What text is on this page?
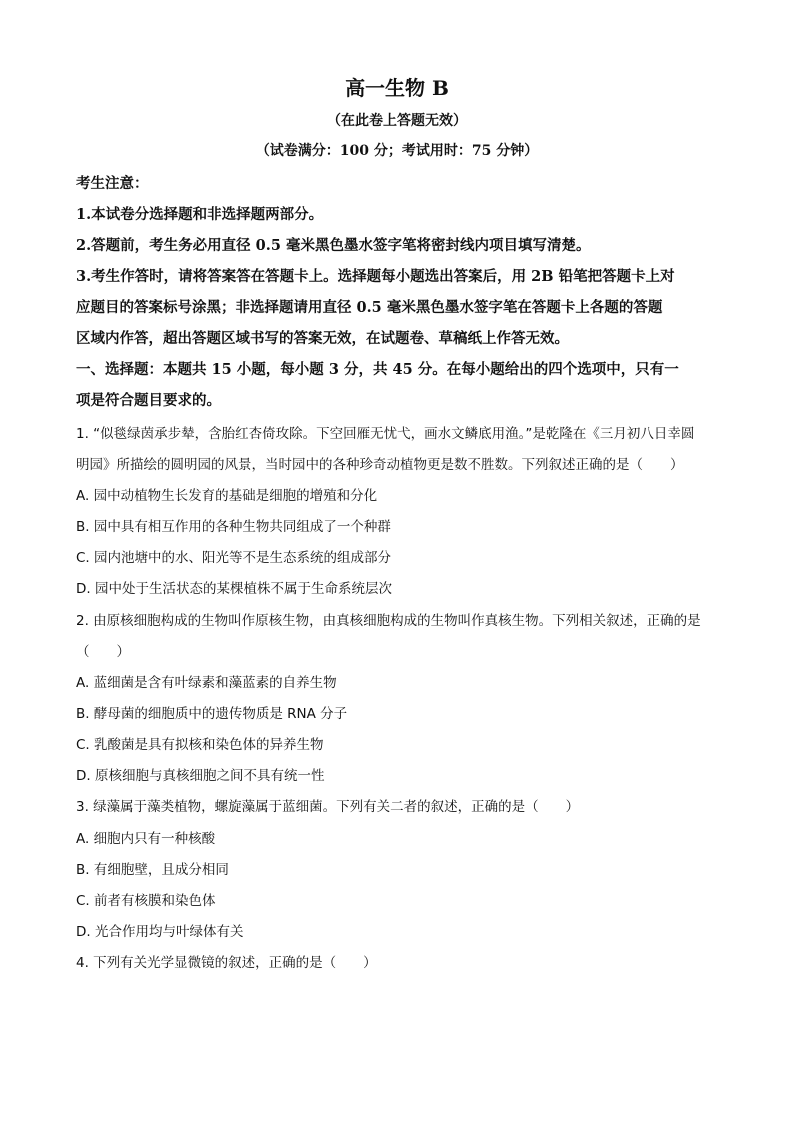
高一生物 B
（在此卷上答题无效）
（试卷满分：100 分；考试用时：75 分钟）
考生注意：
1.本试卷分选择题和非选择题两部分。
2.答题前，考生务必用直径 0.5 毫米黑色墨水签字笔将密封线内项目填写清楚。
3.考生作答时，请将答案答在答题卡上。选择题每小题选出答案后，用 2B 铅笔把答题卡上对
应题目的答案标号涂黑；非选择题请用直径 0.5 毫米黑色墨水签字笔在答题卡上各题的答题
区域内作答，超出答题区域书写的答案无效，在试题卷、草稿纸上作答无效。
一、选择题：本题共 15 小题，每小题 3 分，共 45 分。在每小题给出的四个选项中，只有一
项是符合题目要求的。
1. “似毯绿茵承步辇，含胎红杏倚玫除。下空回雁无忧弋，画水文鳞底用渔。”是乾隆在《三月初八日幸圆
明园》所描绘的圆明园的风景，当时园中的各种珍奇动植物更是数不胜数。下列叙述正确的是（　　）
A. 园中动植物生长发育的基础是细胞的增殖和分化
B. 园中具有相互作用的各种生物共同组成了一个种群
C. 园内池塘中的水、阳光等不是生态系统的组成部分
D. 园中处于生活状态的某棵植株不属于生命系统层次
2. 由原核细胞构成的生物叫作原核生物，由真核细胞构成的生物叫作真核生物。下列相关叙述，正确的是
（　　）
A. 蓝细菌是含有叶绿素和藻蓝素的自养生物
B. 酵母菌的细胞质中的遗传物质是 RNA 分子
C. 乳酸菌是具有拟核和染色体的异养生物
D. 原核细胞与真核细胞之间不具有统一性
3. 绿藻属于藻类植物，螺旋藻属于蓝细菌。下列有关二者的叙述，正确的是（　　）
A. 细胞内只有一种核酸
B. 有细胞壁，且成分相同
C. 前者有核膜和染色体
D. 光合作用均与叶绿体有关
4. 下列有关光学显微镜的叙述，正确的是（　　）
